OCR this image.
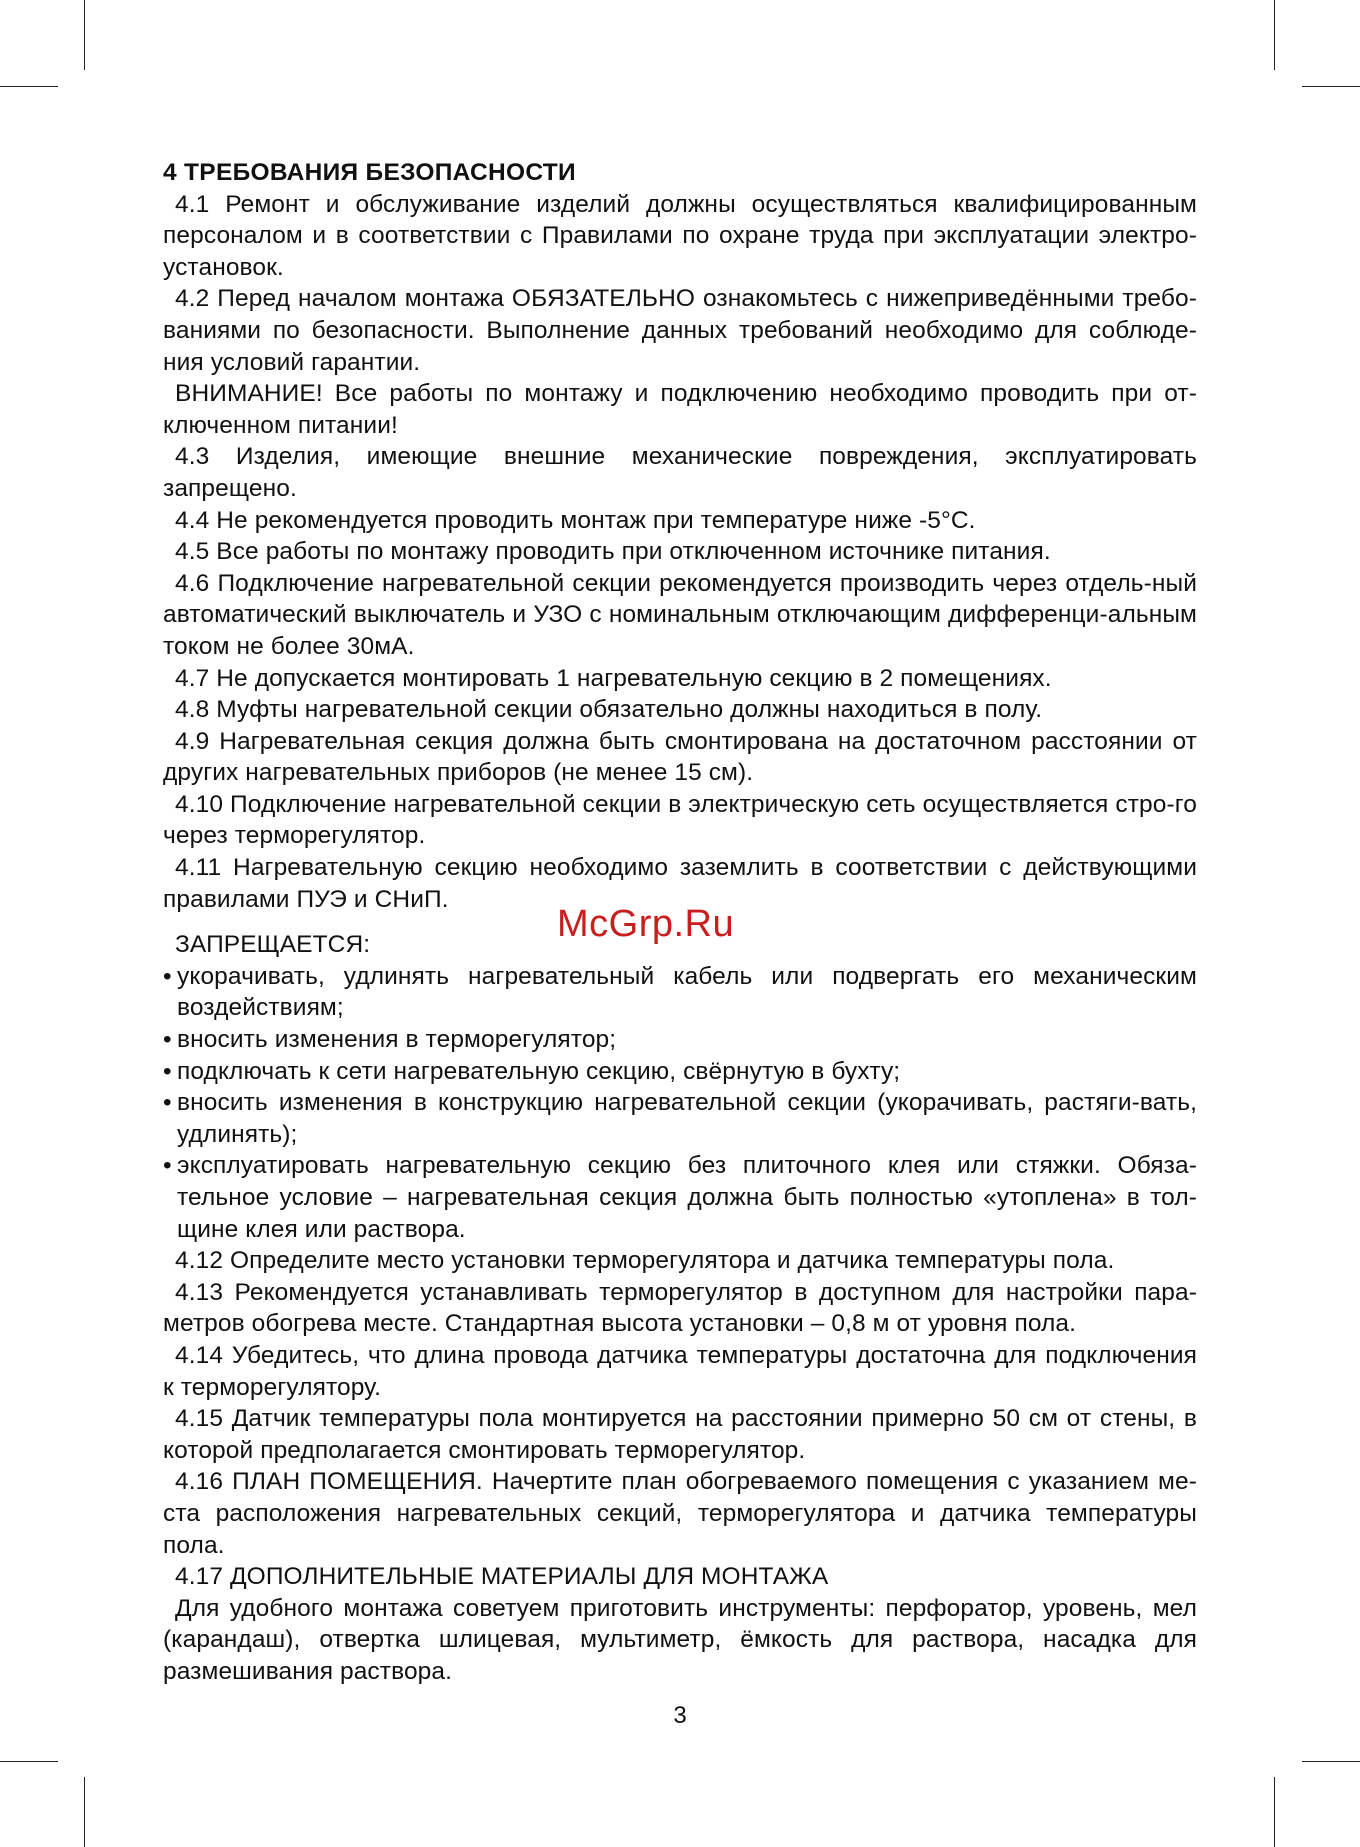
4 ТРЕБОВАНИЯ БЕЗОПАСНОСТИ

4.1 Ремонт и обслуживание изделий должны осуществляться квалифицированным персоналом и в соответствии с Правилами по охране труда при эксплуатации электро-установок.

4.2 Перед началом монтажа ОБЯЗАТЕЛЬНО ознакомьтесь с нижеприведёнными требо-ваниями по безопасности. Выполнение данных требований необходимо для соблюде-ния условий гарантии.

ВНИМАНИЕ! Все работы по монтажу и подключению необходимо проводить при от-ключенном питании!

4.3 Изделия, имеющие внешние механические повреждения, эксплуатировать запрещено.

4.4 Не рекомендуется проводить монтаж при температуре ниже -5°С.

4.5 Все работы по монтажу проводить при отключенном источнике питания.

4.6 Подключение нагревательной секции рекомендуется производить через отдель-ный автоматический выключатель и УЗО с номинальным отключающим дифференци-альным током не более 30мА.

4.7 Не допускается монтировать 1 нагревательную секцию в 2 помещениях.

4.8 Муфты нагревательной секции обязательно должны находиться в полу.

4.9 Нагревательная секция должна быть смонтирована на достаточном расстоянии от других нагревательных приборов (не менее 15 см).

4.10 Подключение нагревательной секции в электрическую сеть осуществляется стро-го через терморегулятор.

4.11 Нагревательную секцию необходимо заземлить в соответствии с действующими правилами ПУЭ и СНиП.

ЗАПРЕЩАЕТСЯ:
• укорачивать, удлинять нагревательный кабель или подвергать его механическим воздействиям;
• вносить изменения в терморегулятор;
• подключать к сети нагревательную секцию, свёрнутую в бухту;
• вносить изменения в конструкцию нагревательной секции (укорачивать, растяги-вать, удлинять);
• эксплуатировать нагревательную секцию без плиточного клея или стяжки. Обяза-тельное условие – нагревательная секция должна быть полностью «утоплена» в тол-щине клея или раствора.

4.12 Определите место установки терморегулятора и датчика температуры пола.

4.13 Рекомендуется устанавливать терморегулятор в доступном для настройки пара-метров обогрева месте. Стандартная высота установки – 0,8 м от уровня пола.

4.14 Убедитесь, что длина провода датчика температуры достаточна для подключения к терморегулятору.

4.15 Датчик температуры пола монтируется на расстоянии примерно 50 см от стены, в которой предполагается смонтировать терморегулятор.

4.16 ПЛАН ПОМЕЩЕНИЯ. Начертите план обогреваемого помещения с указанием ме-ста расположения нагревательных секций, терморегулятора и датчика температуры пола.

4.17 ДОПОЛНИТЕЛЬНЫЕ МАТЕРИАЛЫ ДЛЯ МОНТАЖА

Для удобного монтажа советуем приготовить инструменты: перфоратор, уровень, мел (карандаш), отвертка шлицевая, мультиметр, ёмкость для раствора, насадка для размешивания раствора.

McGrp.Ru
3
